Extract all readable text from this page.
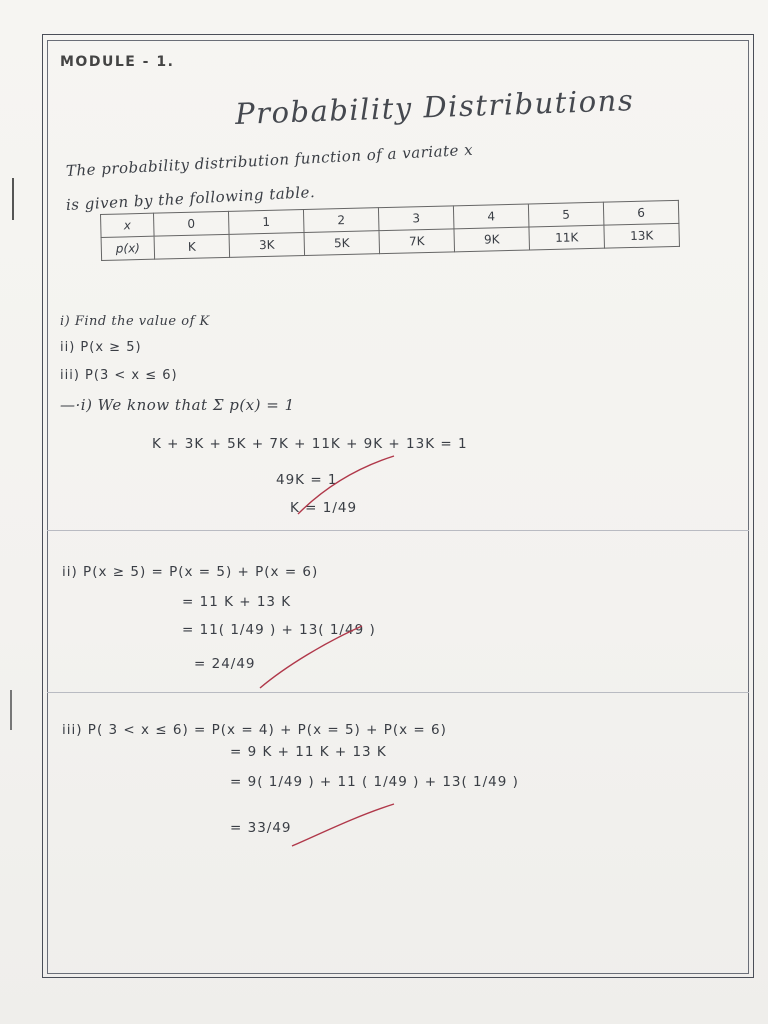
MODULE - 1.
Probability Distributions
The probability distribution function of a variate x
is given by the following table.
x	0	1	2	3	4	5	6
p(x)	K	3K	5K	7K	9K	11K	13K
i) Find the value of K
ii) P(x ≥ 5)
iii) P(3 < x ≤ 6)
—·i) We know that Σ p(x) = 1
K + 3K + 5K + 7K + 11K + 9K + 13K = 1
49K = 1
K = 1/49
ii) P(x ≥ 5) = P(x = 5) + P(x = 6)
= 11 K + 13 K
= 11( 1/49 ) + 13( 1/49 )
= 24/49
iii) P( 3 < x ≤ 6) = P(x = 4) + P(x = 5) + P(x = 6)
= 9 K + 11 K + 13 K
= 9( 1/49 ) + 11 ( 1/49 ) + 13( 1/49 )
= 33/49
